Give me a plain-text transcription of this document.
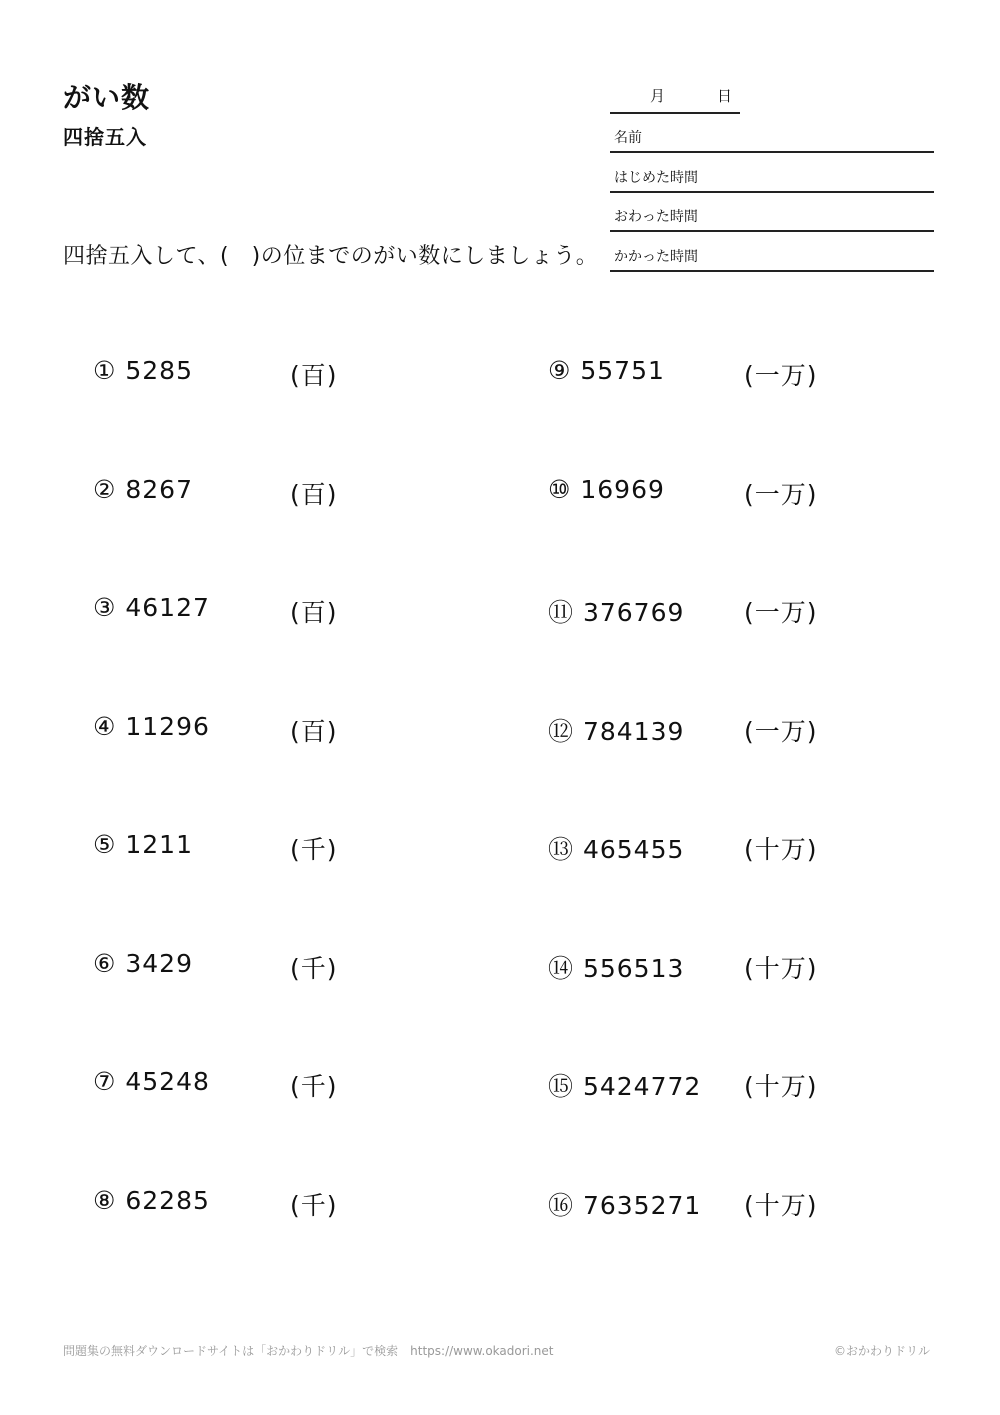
がい数
四捨五入
四捨五入して、(　)の位までのがい数にしましょう。
月	日
名前
はじめた時間
おわった時間
かかった時間
① 5285	(百)
② 8267	(百)
③ 46127	(百)
④ 11296	(百)
⑤ 1211	(千)
⑥ 3429	(千)
⑦ 45248	(千)
⑧ 62285	(千)
⑨ 55751	(一万)
⑩ 16969	(一万)
⑪ 376769 (一万)
⑫ 784139 (一万)
⑬ 465455 (十万)
⑭ 556513 (十万)
⑮ 5424772 (十万)
⑯ 7635271 (十万)
問題集の無料ダウンロードサイトは「おかわりドリル」で検索　https://www.okadori.net	©おかわりドリル
